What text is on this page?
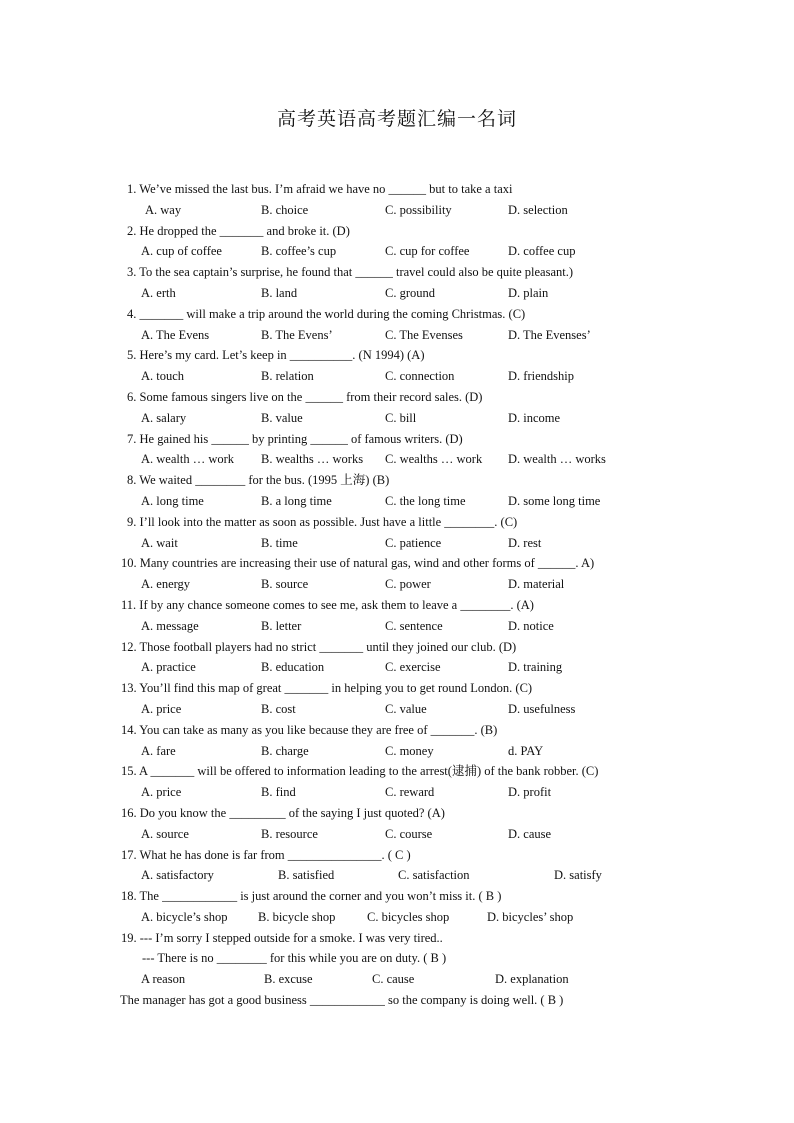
高考英语高考题汇编一名词
1. We’ve missed the last bus. I’m afraid we have no ______ but to take a taxi
A. way	B. choice	C. possibility	D. selection
2. He dropped the _______ and broke it. (D)
A. cup of coffee	B. coffee’s cup	C. cup for coffee	D. coffee cup
3. To the sea captain’s surprise, he found that ______ travel could also be quite pleasant.)
A. erth	B. land	C. ground	D. plain
4. _______ will make a trip around the world during the coming Christmas. (C)
A. The Evens	B. The Evens’	C. The Evenses	D. The Evenses’
5. Here’s my card. Let’s keep in __________. (N 1994) (A)
A. touch	B. relation	C. connection	D. friendship
6. Some famous singers live on the ______ from their record sales. (D)
A. salary	B. value	C. bill	D. income
7. He gained his ______ by printing ______ of famous writers. (D)
A. wealth … work B. wealths … works C. wealths … work D. wealth … works
8. We waited ________ for the bus. (1995 上海) (B)
A. long time	B. a long time	C. the long time	D. some long time
9. I’ll look into the matter as soon as possible. Just have a little ________. (C)
A. wait	B. time	C. patience	D. rest
10. Many countries are increasing their use of natural gas, wind and other forms of ______. A)
A. energy	B. source	C. power	D. material
11. If by any chance someone comes to see me, ask them to leave a ________. (A)
A. message	B. letter	C. sentence	D. notice
12. Those football players had no strict _______ until they joined our club. (D)
A. practice	B. education	C. exercise	D. training
13. You’ll find this map of great _______ in helping you to get round London. (C)
A. price	B. cost	C. value	D. usefulness
14. You can take as many as you like because they are free of _______. (B)
A. fare	B. charge	C. money	d. PAY
15. A _______ will be offered to information leading to the arrest(逮捕) of the bank robber. (C)
A. price	B. find	C. reward	D. profit
16. Do you know the _________ of the saying I just quoted? (A)
A. source	B. resource	C. course	D. cause
17. What he has done is far from _______________. ( C )
A. satisfactory	B. satisfied	C. satisfaction	D. satisfy
18. The ____________ is just around the corner and you won’t miss it. ( B )
A. bicycle’s shop B. bicycle shop	C. bicycles shop	D. bicycles’ shop
19. --- I’m sorry I stepped outside for a smoke. I was very tired..
--- There is no ________ for this while you are on duty. ( B )
A reason	B. excuse	C. cause	D. explanation
The manager has got a good business ____________ so the company is doing well. ( B )
